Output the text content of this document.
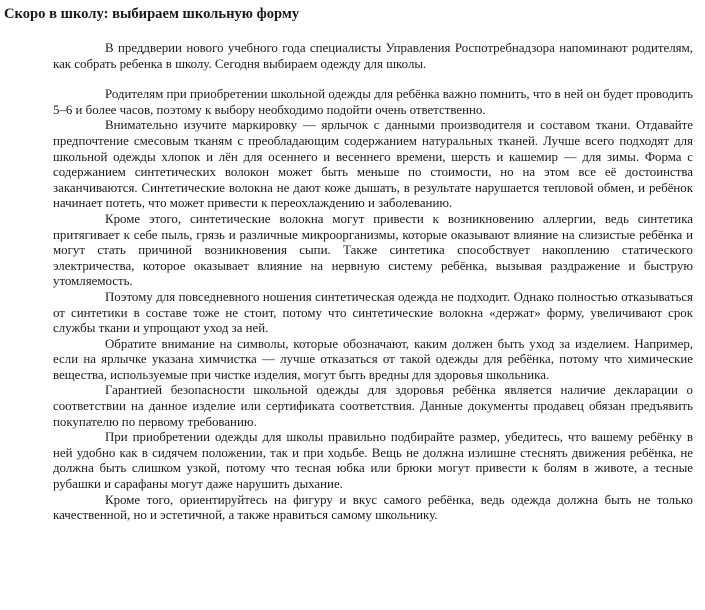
Скоро в школу: выбираем школьную форму

В преддверии нового учебного года специалисты Управления Роспотребнадзора напоминают родителям, как собрать ребенка в школу. Сегодня выбираем одежду для школы.

Родителям при приобретении школьной одежды для ребёнка важно помнить, что в ней он будет проводить 5–6 и более часов, поэтому к выбору необходимо подойти очень ответственно.

Внимательно изучите маркировку — ярлычок с данными производителя и составом ткани. Отдавайте предпочтение смесовым тканям с преобладающим содержанием натуральных тканей. Лучше всего подходят для школьной одежды хлопок и лён для осеннего и весеннего времени, шерсть и кашемир — для зимы. Форма с содержанием синтетических волокон может быть меньше по стоимости, но на этом все её достоинства заканчиваются. Синтетические волокна не дают коже дышать, в результате нарушается тепловой обмен, и ребёнок начинает потеть, что может привести к переохлаждению и заболеванию.

Кроме этого, синтетические волокна могут привести к возникновению аллергии, ведь синтетика притягивает к себе пыль, грязь и различные микроорганизмы, которые оказывают влияние на слизистые ребёнка и могут стать причиной возникновения сыпи. Также синтетика способствует накоплению статического электричества, которое оказывает влияние на нервную систему ребёнка, вызывая раздражение и быструю утомляемость.

Поэтому для повседневного ношения синтетическая одежда не подходит. Однако полностью отказываться от синтетики в составе тоже не стоит, потому что синтетические волокна «держат» форму, увеличивают срок службы ткани и упрощают уход за ней.

Обратите внимание на символы, которые обозначают, каким должен быть уход за изделием. Например, если на ярлычке указана химчистка — лучше отказаться от такой одежды для ребёнка, потому что химические вещества, используемые при чистке изделия, могут быть вредны для здоровья школьника.

Гарантией безопасности школьной одежды для здоровья ребёнка является наличие декларации о соответствии на данное изделие или сертификата соответствия. Данные документы продавец обязан предъявить покупателю по первому требованию.

При приобретении одежды для школы правильно подбирайте размер, убедитесь, что вашему ребёнку в ней удобно как в сидячем положении, так и при ходьбе. Вещь не должна излишне стеснять движения ребёнка, не должна быть слишком узкой, потому что тесная юбка или брюки могут привести к болям в животе, а тесные рубашки и сарафаны могут даже нарушить дыхание.

Кроме того, ориентируйтесь на фигуру и вкус самого ребёнка, ведь одежда должна быть не только качественной, но и эстетичной, а также нравиться самому школьнику.
